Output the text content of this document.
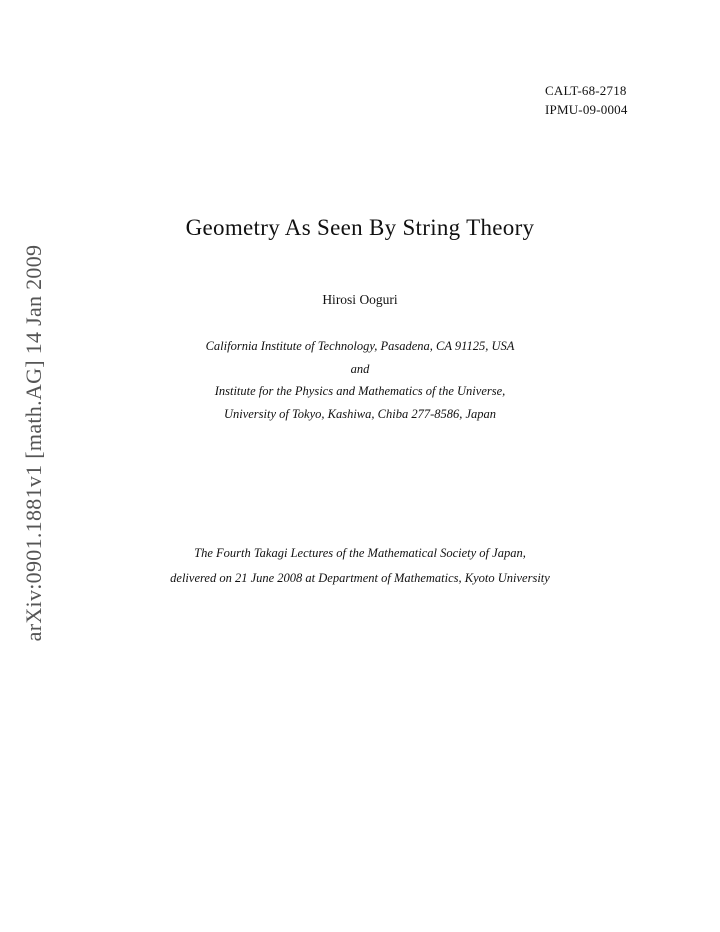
CALT-68-2718
IPMU-09-0004
arXiv:0901.1881v1 [math.AG] 14 Jan 2009
Geometry As Seen By String Theory
Hirosi Ooguri
California Institute of Technology, Pasadena, CA 91125, USA
and
Institute for the Physics and Mathematics of the Universe,
University of Tokyo, Kashiwa, Chiba 277-8586, Japan
The Fourth Takagi Lectures of the Mathematical Society of Japan,
delivered on 21 June 2008 at Department of Mathematics, Kyoto University
